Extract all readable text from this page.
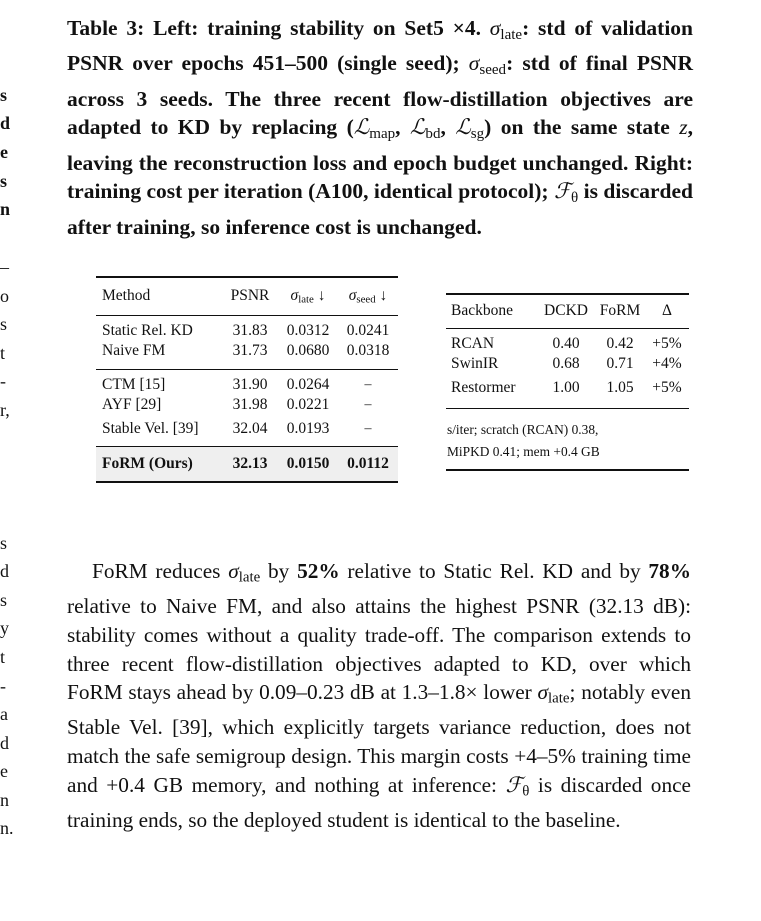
s
d
e
s
n
–
o
s
t
-
r,
s
d
s
y
t
-
a
d
e
n
n.
Table 3: Left: training stability on Set5 ×4. $\sigma_{late}$: std of validation PSNR over epochs 451–500 (single seed); $\sigma_{seed}$: std of final PSNR across 3 seeds. The three recent flow-distillation objectives are adapted to KD by replacing (ℒ$_{map}$, ℒ$_{bd}$, ℒ$_{sg}$) on the same state z, leaving the reconstruction loss and epoch budget unchanged. Right: training cost per iteration (A100, identical protocol); ℱ$_\theta$ is discarded after training, so inference cost is unchanged.
Method	PSNR	$\sigma_{late}$ ↓	$\sigma_{seed}$ ↓
Static Rel. KD	31.83	0.0312	0.0241
Naive FM	31.73	0.0680	0.0318

CTM [15]	31.90	0.0264	–
AYF [29]	31.98	0.0221	–
Stable Vel. [39]	32.04	0.0193	–

FoRM (Ours)	32.13	0.0150	0.0112
Backbone	DCKD	FoRM	Δ
RCAN	0.40	0.42	+5%
SwinIR	0.68	0.71	+4%
Restormer	1.00	1.05	+5%
s/iter; scratch (RCAN) 0.38,
MiPKD 0.41; mem +0.4 GB

FoRM reduces $\sigma_{late}$ by 52% relative to Static Rel. KD and by 78% relative to Naive FM, and also attains the highest PSNR (32.13 dB): stability comes without a quality trade-off. The comparison extends to three recent flow-distillation objectives adapted to KD, over which FoRM stays ahead by 0.09–0.23 dB at 1.3–1.8× lower $\sigma_{late}$; notably even Stable Vel. [39], which explicitly targets variance reduction, does not match the safe semigroup design. This margin costs +4–5% training time and +0.4 GB memory, and nothing at inference: ℱ$_\theta$ is discarded once training ends, so the deployed student is identical to the baseline.
